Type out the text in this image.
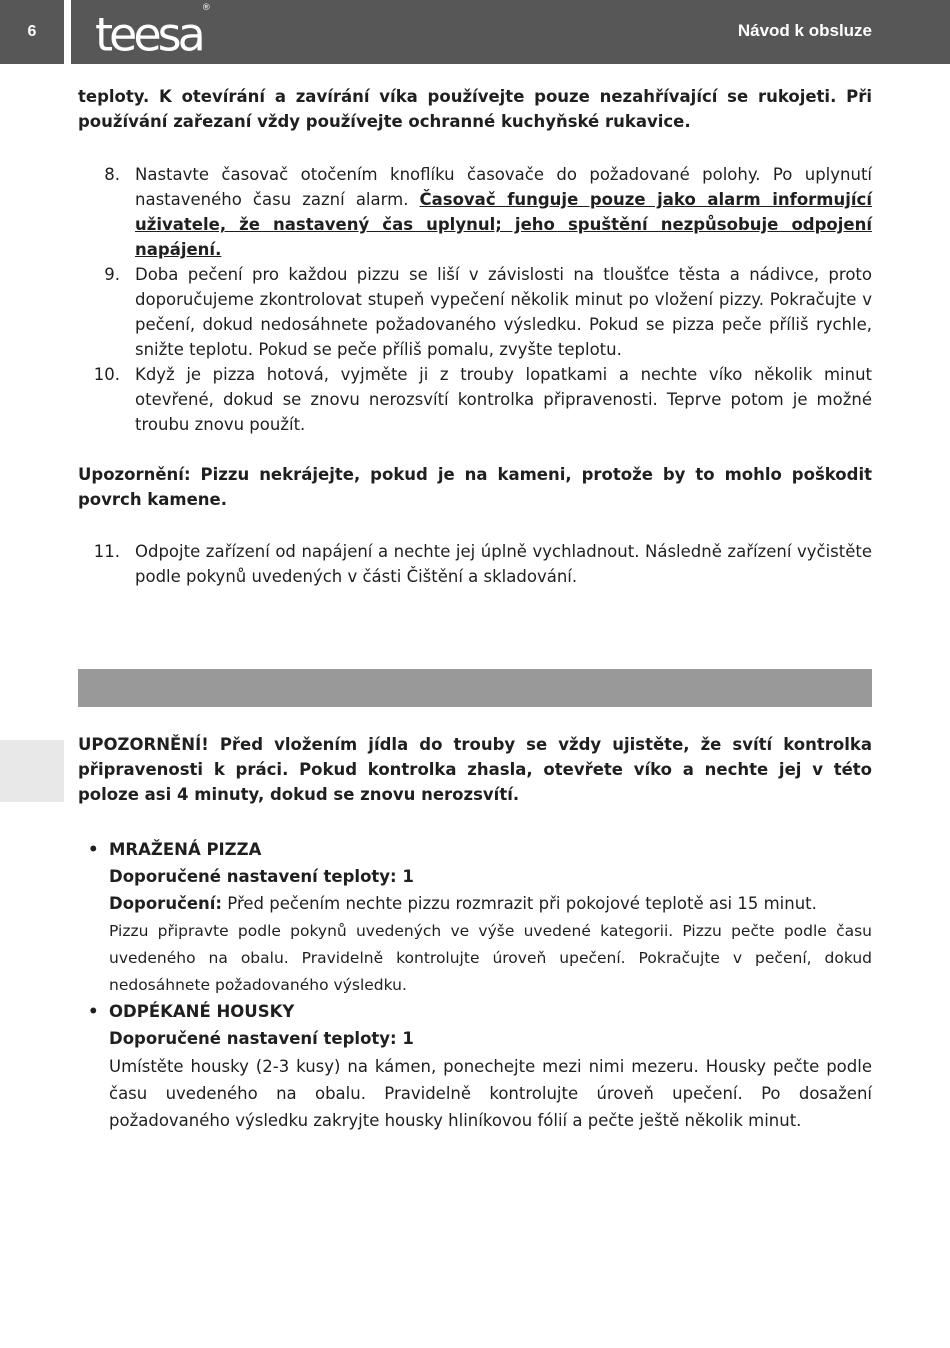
6	teesa®
Návod k obsluze

teploty. K otevírání a zavírání víka používejte pouze nezahřívající se rukojeti. Při používání zařezaní vždy používejte ochranné kuchyňské rukavice.

8. Nastavte časovač otočením knoflíku časovače do požadované polohy. Po uplynutí nastaveného času zazní alarm. Časovač funguje pouze jako alarm informující uživatele, že nastavený čas uplynul; jeho spuštění nezpůsobuje odpojení napájení.
9. Doba pečení pro každou pizzu se liší v závislosti na tloušťce těsta a nádivce, proto doporučujeme zkontrolovat stupeň vypečení několik minut po vložení pizzy. Pokračujte v pečení, dokud nedosáhnete požadovaného výsledku. Pokud se pizza peče příliš rychle, snižte teplotu. Pokud se peče příliš pomalu, zvyšte teplotu.
10. Když je pizza hotová, vyjměte ji z trouby lopatkami a nechte víko několik minut otevřené, dokud se znovu nerozsvítí kontrolka připravenosti. Teprve potom je možné troubu znovu použít.

Upozornění: Pizzu nekrájejte, pokud je na kameni, protože by to mohlo poškodit povrch kamene.

11. Odpojte zařízení od napájení a nechte jej úplně vychladnout. Následně zařízení vyčistěte podle pokynů uvedených v části Čištění a skladování.

UPOZORNĚNÍ! Před vložením jídla do trouby se vždy ujistěte, že svítí kontrolka připravenosti k práci. Pokud kontrolka zhasla, otevřete víko a nechte jej v této poloze asi 4 minuty, dokud se znovu nerozsvítí.

• MRAŽENÁ PIZZA
Doporučené nastavení teploty: 1
Doporučení: Před pečením nechte pizzu rozmrazit při pokojové teplotě asi 15 minut.

Pizzu připravte podle pokynů uvedených ve výše uvedené kategorii. Pizzu pečte podle času uvedeného na obalu. Pravidelně kontrolujte úroveň upečení. Pokračujte v pečení, dokud nedosáhnete požadovaného výsledku.

• ODPÉKANÉ HOUSKY
Doporučené nastavení teploty: 1

Umístěte housky (2-3 kusy) na kámen, ponechejte mezi nimi mezeru. Housky pečte podle času uvedeného na obalu. Pravidelně kontrolujte úroveň upečení. Po dosažení požadovaného výsledku zakryjte housky hliníkovou fólií a pečte ještě několik minut.
